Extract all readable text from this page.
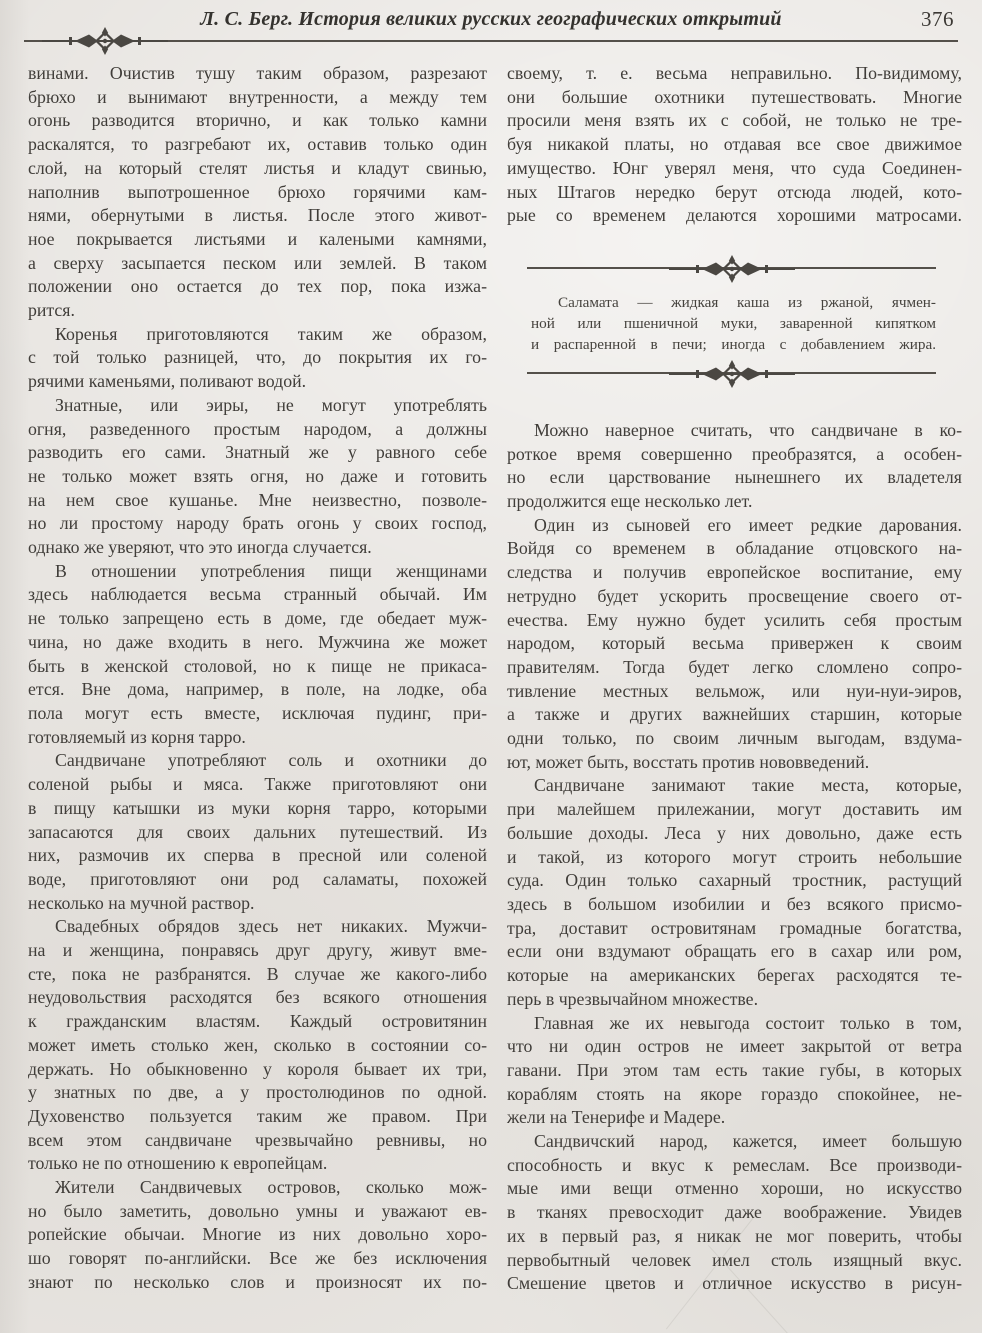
Л. С. Берг. История великих русских географических открытий	376
винами. Очистив тушу таким образом, разрезают
брюхо и вынимают внутренности, а между тем
огонь разводится вторично, и как только камни
раскалятся, то разгребают их, оставив только один
слой, на который стелят листья и кладут свинью,
наполнив выпотрошенное брюхо горячими кам-
нями, обернутыми в листья. После этого живот-
ное покрывается листьями и калеными камнями,
а сверху засыпается песком или землей. В таком
положении оно остается до тех пор, пока изжа-
рится.
Коренья приготовляются таким же образом,
с той только разницей, что, до покрытия их го-
рячими каменьями, поливают водой.
Знатные, или эиры, не могут употреблять
огня, разведенного простым народом, а должны
разводить его сами. Знатный же у равного себе
не только может взять огня, но даже и готовить
на нем свое кушанье. Мне неизвестно, позволе-
но ли простому народу брать огонь у своих господ,
однако же уверяют, что это иногда случается.
В отношении употребления пищи женщинами
здесь наблюдается весьма странный обычай. Им
не только запрещено есть в доме, где обедает муж-
чина, но даже входить в него. Мужчина же может
быть в женской столовой, но к пище не прикаса-
ется. Вне дома, например, в поле, на лодке, оба
пола могут есть вместе, исключая пудинг, при-
готовляемый из корня тарро.
Сандвичане употребляют соль и охотники до
соленой рыбы и мяса. Также приготовляют они
в пищу катышки из муки корня тарро, которыми
запасаются для своих дальних путешествий. Из
них, размочив их сперва в пресной или соленой
воде, приготовляют они род саламаты, похожей
несколько на мучной раствор.
Свадебных обрядов здесь нет никаких. Мужчи-
на и женщина, понравясь друг другу, живут вме-
сте, пока не разбранятся. В случае же какого-либо
неудовольствия расходятся без всякого отношения
к гражданским властям. Каждый островитянин
может иметь столько жен, сколько в состоянии со-
держать. Но обыкновенно у короля бывает их три,
у знатных по две, а у простолюдинов по одной.
Духовенство пользуется таким же правом. При
всем этом сандвичане чрезвычайно ревнивы, но
только не по отношению к европейцам.
Жители Сандвичевых островов, сколько мож-
но было заметить, довольно умны и уважают ев-
ропейские обычаи. Многие из них довольно хоро-
шо говорят по-английски. Все же без исключения
знают по несколько слов и произносят их по-
своему, т. е. весьма неправильно. По-видимому,
они большие охотники путешествовать. Многие
просили меня взять их с собой, не только не тре-
буя никакой платы, но отдавая все свое движимое
имущество. Юнг уверял меня, что суда Соединен-
ных Штагов нередко берут отсюда людей, кото-
рые со временем делаются хорошими матросами.
Саламата — жидкая каша из ржаной, ячмен-
ной или пшеничной муки, заваренной кипятком
и распаренной в печи; иногда с добавлением жира.
Можно наверное считать, что сандвичане в ко-
роткое время совершенно преобразятся, а особен-
но если царствование нынешнего их владетеля
продолжится еще несколько лет.
Один из сыновей его имеет редкие дарования.
Войдя со временем в обладание отцовского на-
следства и получив европейское воспитание, ему
нетрудно будет ускорить просвещение своего от-
ечества. Ему нужно будет усилить себя простым
народом, который весьма привержен к своим
правителям. Тогда будет легко сломлено сопро-
тивление местных вельмож, или нуи-нуи-эиров,
а также и других важнейших старшин, которые
одни только, по своим личным выгодам, вздума-
ют, может быть, восстать против нововведений.
Сандвичане занимают такие места, которые,
при малейшем прилежании, могут доставить им
большие доходы. Леса у них довольно, даже есть
и такой, из которого могут строить небольшие
суда. Один только сахарный тростник, растущий
здесь в большом изобилии и без всякого присмо-
тра, доставит островитянам громадные богатства,
если они вздумают обращать его в сахар или ром,
которые на американских берегах расходятся те-
перь в чрезвычайном множестве.
Главная же их невыгода состоит только в том,
что ни один остров не имеет закрытой от ветра
гавани. При этом там есть такие губы, в которых
кораблям стоять на якоре гораздо спокойнее, не-
жели на Тенерифе и Мадере.
Сандвичский народ, кажется, имеет большую
способность и вкус к ремеслам. Все производи-
мые ими вещи отменно хороши, но искусство
в тканях превосходит даже воображение. Увидев
их в первый раз, я никак не мог поверить, чтобы
первобытный человек имел столь изящный вкус.
Смешение цветов и отличное искусство в рисун-
